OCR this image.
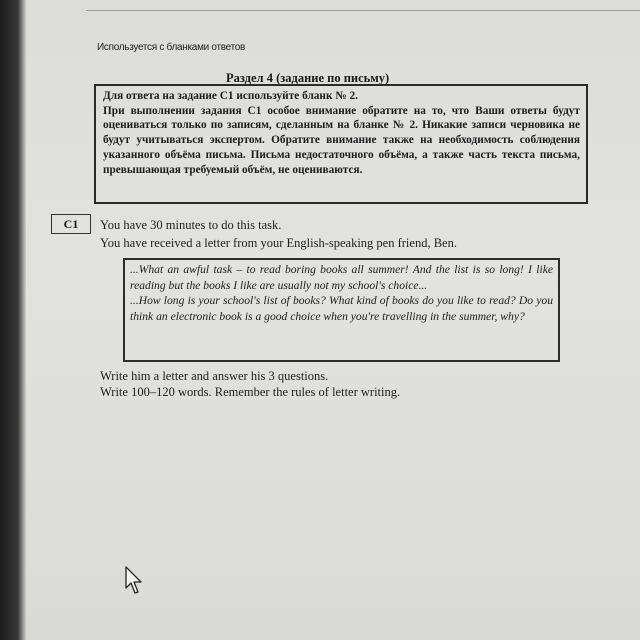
Используется с бланками ответов
Раздел 4 (задание по письму)

Для ответа на задание С1 используйте бланк № 2.

При выполнении задания С1 особое внимание обратите на то, что Ваши ответы будут оцениваться только по записям, сделанным на бланке № 2. Никакие записи черновика не будут учитываться экспертом. Обратите внимание также на необходимость соблюдения указанного объёма письма. Письма недостаточного объёма, а также часть текста письма, превышающая требуемый объём, не оцениваются.

C1	You have 30 minutes to do this task.
You have received a letter from your English-speaking pen friend, Ben.

...What an awful task – to read boring books all summer! And the list is so long! I like reading but the books I like are usually not my school's choice...

...How long is your school's list of books? What kind of books do you like to read? Do you think an electronic book is a good choice when you're travelling in the summer, why?

Write him a letter and answer his 3 questions.
Write 100–120 words. Remember the rules of letter writing.
